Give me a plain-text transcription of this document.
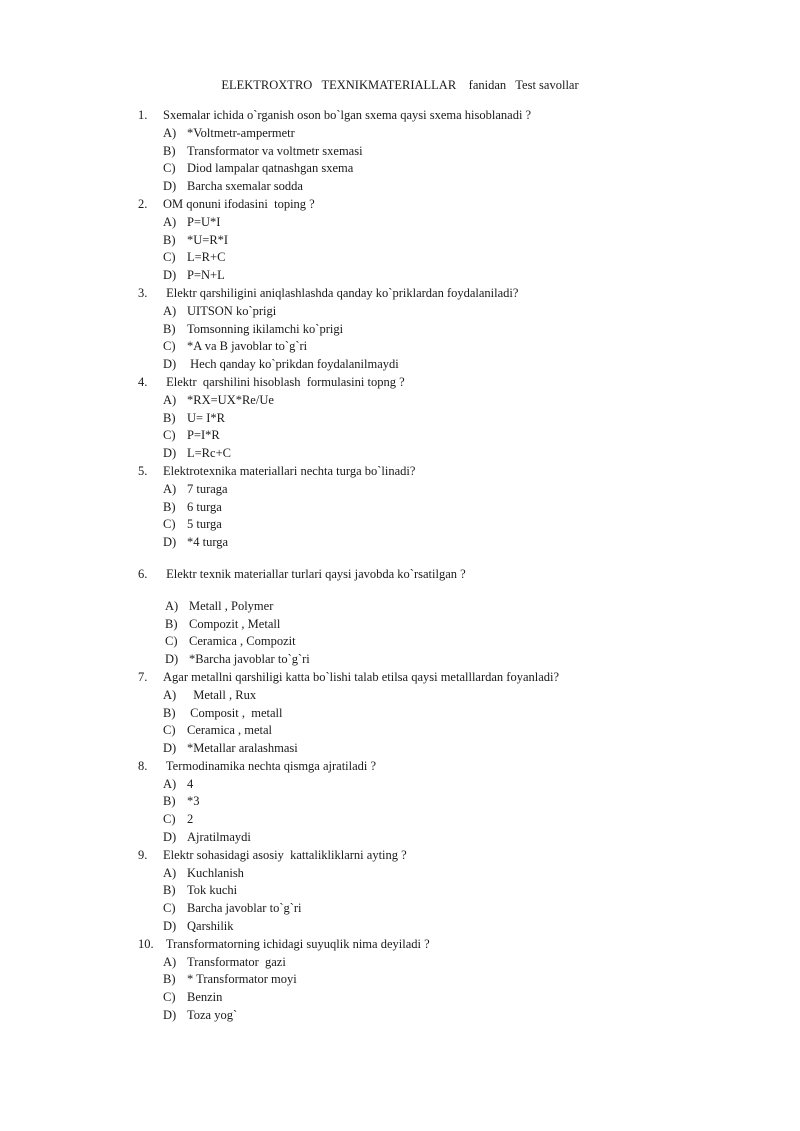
ELEKTROXTRO   TEXNIKMATERIALLAR    fanidan   Test savollar
1. Sxemalar ichida o`rganish oson bo`lgan sxema qaysi sxema hisoblanadi ?
A) *Voltmetr-ampermetr
B) Transformator va voltmetr sxemasi
C) Diod lampalar qatnashgan sxema
D) Barcha sxemalar sodda
2. OM qonuni ifodasini  toping ?
A) P=U*I
B) *U=R*I
C) L=R+C
D) P=N+L
3. Elektr qarshiligini aniqlashlashda qanday ko`priklardan foydalaniladi?
A) UITSON ko`prigi
B) Tomsonning ikilamchi ko`prigi
C) *A va B javoblar to`g`ri
D) Hech qanday ko`prikdan foydalanilmaydi
4. Elektr  qarshilini hisoblash  formulasini topng ?
A) *RX=UX*Re/Ue
B) U= I*R
C) P=I*R
D) L=Rc+C
5. Elektrotexnika materiallari nechta turga bo`linadi?
A) 7 turaga
B) 6 turga
C) 5 turga
D) *4 turga
6. Elektr texnik materiallar turlari qaysi javobda ko`rsatilgan ?
A) Metall , Polymer
B) Compozit , Metall
C) Ceramica , Compozit
D) *Barcha javoblar to`g`ri
7. Agar metallni qarshiligi katta bo`lishi talab etilsa qaysi metalllardan foyanladi?
A) Metall , Rux
B) Composit ,  metall
C) Ceramica , metal
D) *Metallar aralashmasi
8. Termodinamika nechta qismga ajratiladi ?
A) 4
B) *3
C) 2
D) Ajratilmaydi
9. Elektr sohasidagi asosiy  kattalikliklarni ayting ?
A) Kuchlanish
B) Tok kuchi
C) Barcha javoblar to`g`ri
D) Qarshilik
10. Transformatorning ichidagi suyuqlik nima deyiladi ?
A) Transformator  gazi
B) * Transformator moyi
C) Benzin
D) Toza yog`
